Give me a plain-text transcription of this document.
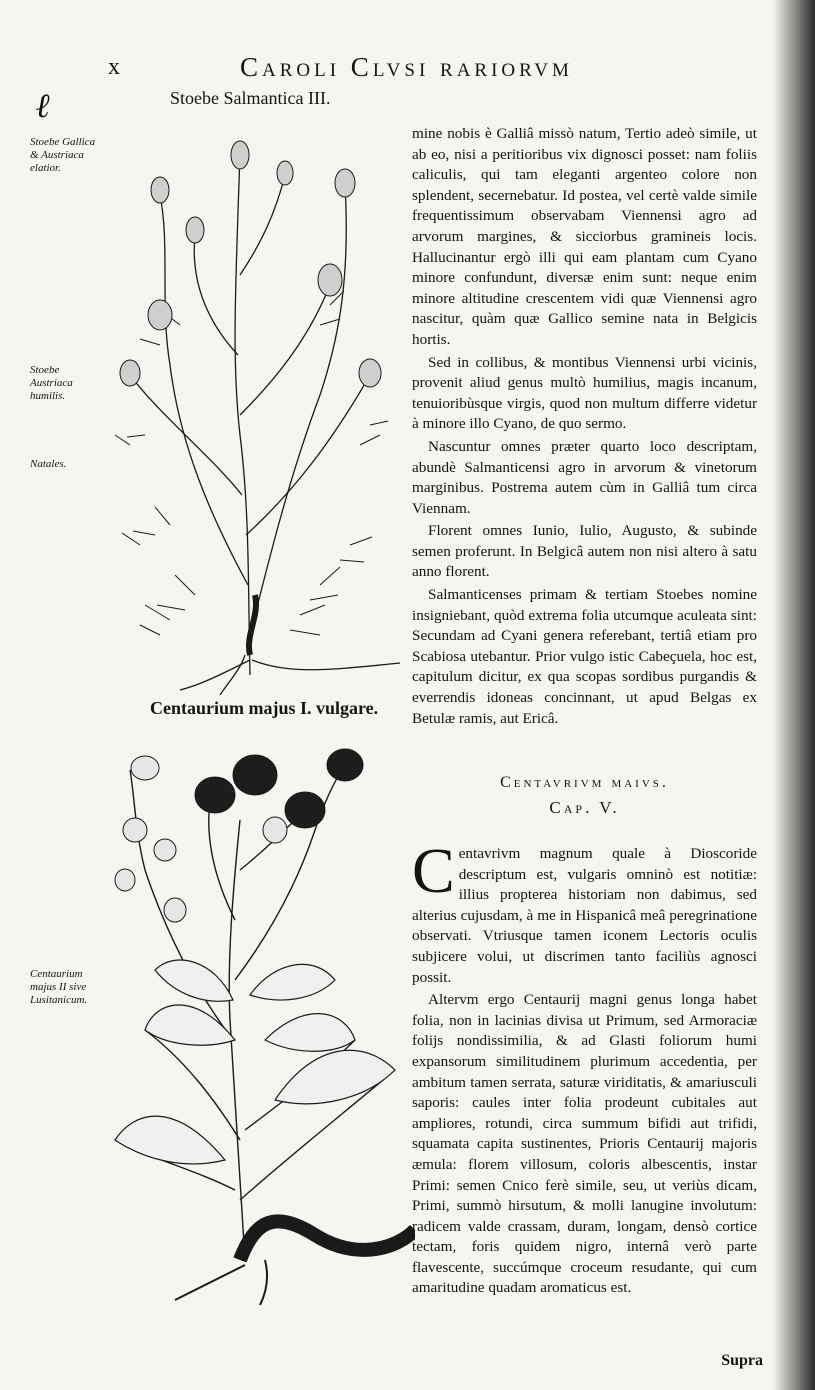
x	Caroli Clvsi rariorvm
ℓ	Stoebe Salmantica III.
Stoebe Gallica & Austriaca elatior.
Stoebe Austriaca humilis.
Natales.
Centaurium majus II sive Lusitanicum.
Centaurium majus I. vulgare.

mine nobis è Galliâ missò natum, Tertio adeò simile, ut ab eo, nisi a peritioribus vix dignosci posset: nam foliis caliculis, qui tam eleganti argenteo colore non splendent, secernebatur. Id postea, vel certè valde simile frequentissimum observabam Viennensi agro ad arvorum margines, & sicciorbus gramineis locis. Hallucinantur ergò illi qui eam plantam cum Cyano minore confundunt, diversæ enim sunt: neque enim minore altitudine crescentem vidi quæ Viennensi agro nascitur, quàm quæ Gallico semine nata in Belgicis hortis.

Sed in collibus, & montibus Viennensi urbi vicinis, provenit aliud genus multò humilius, magis incanum, tenuioribùsque virgis, quod non multum differre videtur à minore illo Cyano, de quo sermo.

Nascuntur omnes præter quarto loco descriptam, abundè Salmanticensi agro in arvorum & vinetorum marginibus. Postrema autem cùm in Galliâ tum circa Viennam.

Florent omnes Iunio, Iulio, Augusto, & subinde semen proferunt. In Belgicâ autem non nisi altero à satu anno florent.

Salmanticenses primam & tertiam Stoebes nomine insigniebant, quòd extrema folia utcumque aculeata sint: Secundam ad Cyani genera referebant, tertiâ etiam pro Scabiosa utebantur. Prior vulgo istic Cabeçuela, hoc est, capitulum dicitur, ex qua scopas sordibus purgandis & everrendis idoneas concinnant, ut apud Belgas ex Betulæ ramis, aut Ericâ.

Centavrivm maivs.
Cap. V.

Centavrivm magnum quale à Dioscoride descriptum est, vulgaris omninò est notitiæ: illius propterea historiam non dabimus, sed alterius cujusdam, à me in Hispanicâ meâ peregrinatione observati. Vtriusque tamen iconem Lectoris oculis subjicere volui, ut discrimen tanto faciliùs agnosci possit.

Altervm ergo Centaurij magni genus longa habet folia, non in lacinias divisa ut Primum, sed Armoraciæ folijs nondissimilia, & ad Glasti foliorum humi expansorum similitudinem plurimum accedentia, per ambitum tamen serrata, saturæ viriditatis, & amariusculi saporis: caules inter folia prodeunt cubitales aut ampliores, rotundi, circa summum bifidi aut trifidi, squamata capita sustinentes, Prioris Centaurij majoris æmula: florem villosum, coloris albescentis, instar Primi: semen Cnico ferè simile, seu, ut veriùs dicam, Primi, summò hirsutum, & molli lanugine involutum: radicem valde crassam, duram, longam, densò cortice tectam, foris quidem nigro, internâ verò parte flavescente, succúmque croceum resudante, qui cum amaritudine quadam aromaticus est.

Supra
